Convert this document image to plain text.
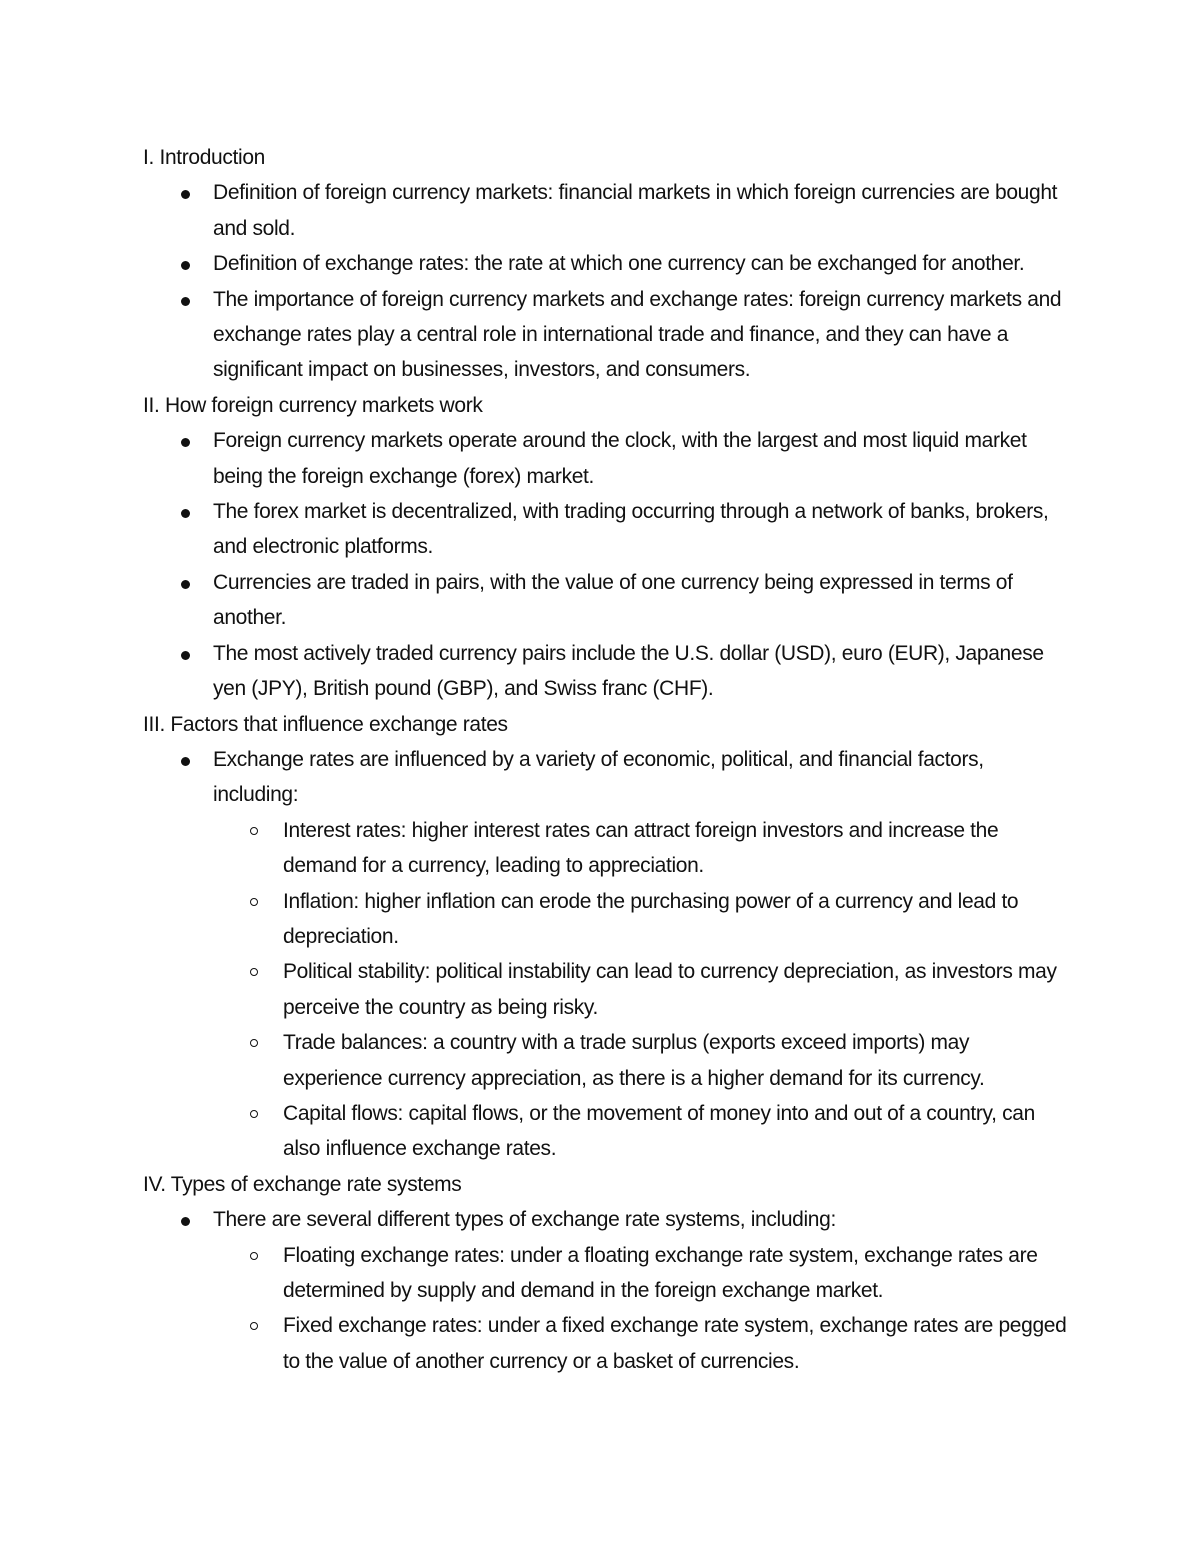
I. Introduction

Definition of foreign currency markets: financial markets in which foreign currencies are bought and sold.
Definition of exchange rates: the rate at which one currency can be exchanged for another.
The importance of foreign currency markets and exchange rates: foreign currency markets and exchange rates play a central role in international trade and finance, and they can have a significant impact on businesses, investors, and consumers.

II. How foreign currency markets work

Foreign currency markets operate around the clock, with the largest and most liquid market being the foreign exchange (forex) market.
The forex market is decentralized, with trading occurring through a network of banks, brokers, and electronic platforms.
Currencies are traded in pairs, with the value of one currency being expressed in terms of another.
The most actively traded currency pairs include the U.S. dollar (USD), euro (EUR), Japanese yen (JPY), British pound (GBP), and Swiss franc (CHF).

III. Factors that influence exchange rates

Exchange rates are influenced by a variety of economic, political, and financial factors, including:
Interest rates: higher interest rates can attract foreign investors and increase the demand for a currency, leading to appreciation.
Inflation: higher inflation can erode the purchasing power of a currency and lead to depreciation.
Political stability: political instability can lead to currency depreciation, as investors may perceive the country as being risky.
Trade balances: a country with a trade surplus (exports exceed imports) may experience currency appreciation, as there is a higher demand for its currency.
Capital flows: capital flows, or the movement of money into and out of a country, can also influence exchange rates.

IV. Types of exchange rate systems

There are several different types of exchange rate systems, including:
Floating exchange rates: under a floating exchange rate system, exchange rates are determined by supply and demand in the foreign exchange market.
Fixed exchange rates: under a fixed exchange rate system, exchange rates are pegged to the value of another currency or a basket of currencies.
